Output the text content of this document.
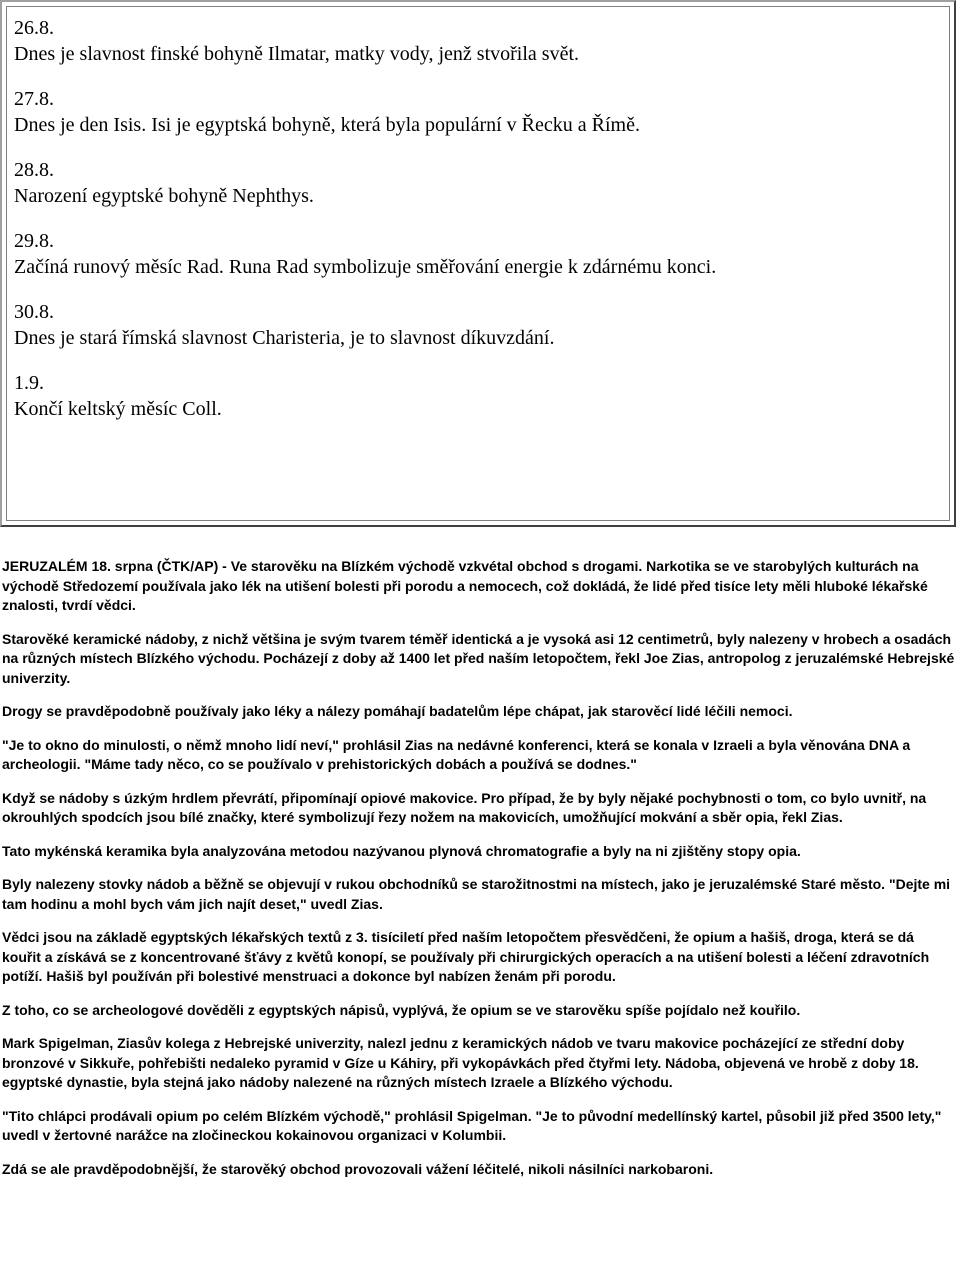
26.8.
Dnes je slavnost finské bohyně Ilmatar, matky vody, jenž stvořila svět.
27.8.
Dnes je den Isis. Isi je egyptská bohyně, která byla populární v Řecku a Římě.
28.8.
Narození egyptské bohyně Nephthys.
29.8.
Začíná runový měsíc Rad. Runa Rad symbolizuje směřování energie k zdárnému konci.
30.8.
Dnes je stará římská slavnost Charisteria, je to slavnost díkuvzdání.
1.9.
Končí keltský měsíc Coll.

JERUZALÉM 18. srpna (ČTK/AP) - Ve starověku na Blízkém východě vzkvétal obchod s drogami. Narkotika se ve starobylých kulturách na východě Středozemí používala jako lék na utišení bolesti při porodu a nemocech, což dokládá, že lidé před tisíce lety měli hluboké lékařské znalosti, tvrdí vědci.

Starověké keramické nádoby, z nichž většina je svým tvarem téměř identická a je vysoká asi 12 centimetrů, byly nalezeny v hrobech a osadách na různých místech Blízkého východu. Pocházejí z doby až 1400 let před naším letopočtem, řekl Joe Zias, antropolog z jeruzalémské Hebrejské univerzity.

Drogy se pravděpodobně používaly jako léky a nálezy pomáhají badatelům lépe chápat, jak starověcí lidé léčili nemoci.

"Je to okno do minulosti, o němž mnoho lidí neví," prohlásil Zias na nedávné konferenci, která se konala v Izraeli a byla věnována DNA a archeologii. "Máme tady něco, co se používalo v prehistorických dobách a používá se dodnes."

Když se nádoby s úzkým hrdlem převrátí, připomínají opiové makovice. Pro případ, že by byly nějaké pochybnosti o tom, co bylo uvnitř, na okrouhlých spodcích jsou bílé značky, které symbolizují řezy nožem na makovicích, umožňující mokvání a sběr opia, řekl Zias.

Tato mykénská keramika byla analyzována metodou nazývanou plynová chromatografie a byly na ni zjištěny stopy opia.

Byly nalezeny stovky nádob a běžně se objevují v rukou obchodníků se starožitnostmi na místech, jako je jeruzalémské Staré město. "Dejte mi tam hodinu a mohl bych vám jich najít deset," uvedl Zias.

Vědci jsou na základě egyptských lékařských textů z 3. tisíciletí před naším letopočtem přesvědčeni, že opium a hašiš, droga, která se dá kouřit a získává se z koncentrované šťávy z květů konopí, se používaly při chirurgických operacích a na utišení bolesti a léčení zdravotních potíží. Hašiš byl používán při bolestivé menstruaci a dokonce byl nabízen ženám při porodu.

Z toho, co se archeologové dověděli z egyptských nápisů, vyplývá, že opium se ve starověku spíše pojídalo než kouřilo.

Mark Spigelman, Ziasův kolega z Hebrejské univerzity, nalezl jednu z keramických nádob ve tvaru makovice pocházející ze střední doby bronzové v Sikkuře, pohřebišti nedaleko pyramid v Gíze u Káhiry, při vykopávkách před čtyřmi lety. Nádoba, objevená ve hrobě z doby 18. egyptské dynastie, byla stejná jako nádoby nalezené na různých místech Izraele a Blízkého východu.

"Tito chlápci prodávali opium po celém Blízkém východě," prohlásil Spigelman. "Je to původní medellínský kartel, působil již před 3500 lety," uvedl v žertovné narážce na zločineckou kokainovou organizaci v Kolumbii.

Zdá se ale pravděpodobnější, že starověký obchod provozovali vážení léčitelé, nikoli násilníci narkobaroni.
